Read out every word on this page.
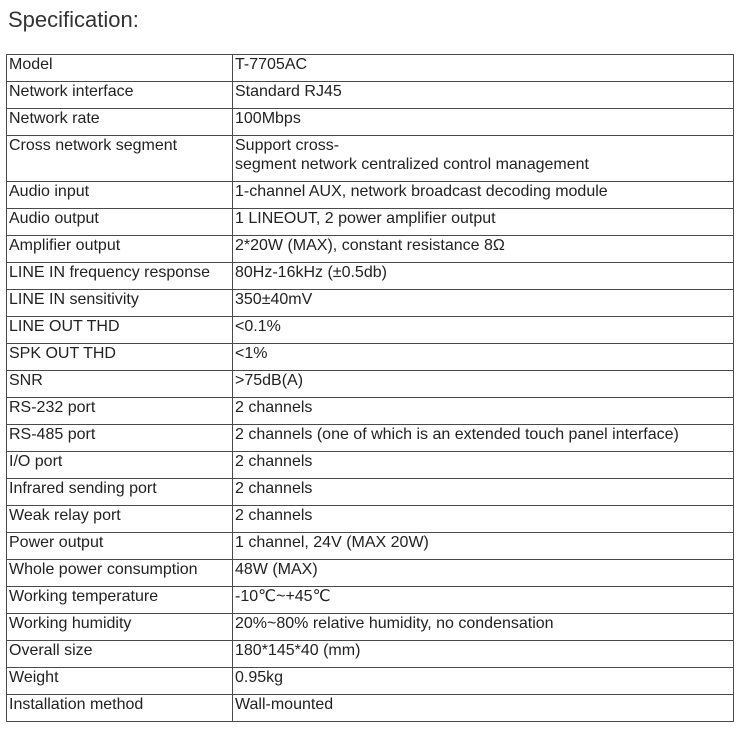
Specification:
Model	T-7705AC
Network interface	Standard RJ45
Network rate	100Mbps
Cross network segment	Support cross-
segment network centralized control management
Audio input	1-channel AUX, network broadcast decoding module
Audio output	1 LINEOUT, 2 power amplifier output
Amplifier output	2*20W (MAX), constant resistance 8Ω
LINE IN frequency response	80Hz-16kHz (±0.5db)
LINE IN sensitivity	350±40mV
LINE OUT THD	<0.1%
SPK OUT THD	<1%
SNR	>75dB(A)
RS-232 port	2 channels
RS-485 port	2 channels (one of which is an extended touch panel interface)
I/O port	2 channels
Infrared sending port	2 channels
Weak relay port	2 channels
Power output	1 channel, 24V (MAX 20W)
Whole power consumption	48W (MAX)
Working temperature	-10℃~+45℃
Working humidity	20%~80% relative humidity, no condensation
Overall size	180*145*40 (mm)
Weight	0.95kg
Installation method	Wall-mounted
